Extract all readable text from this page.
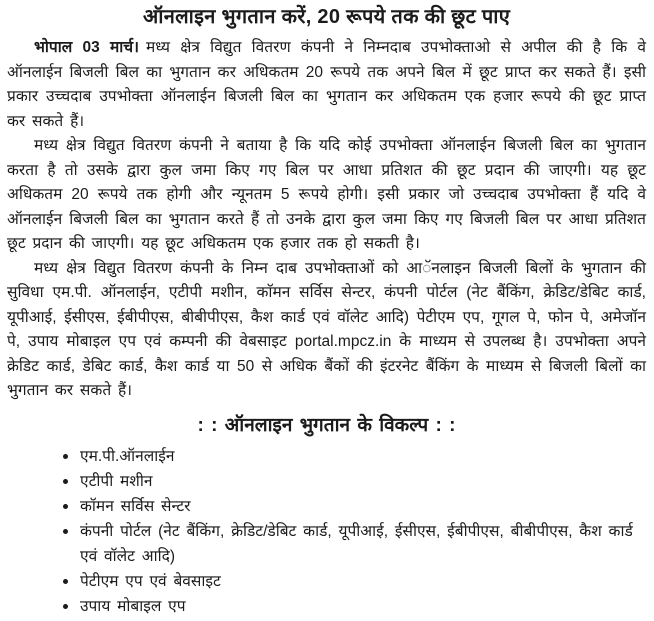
ऑनलाइन भुगतान करें, 20 रूपये तक की छूट पाए

भोपाल 03 मार्च। मध्य क्षेत्र विद्युत वितरण कंपनी ने निम्नदाब उपभोक्ताओ से अपील की है कि वे ऑनलाईन बिजली बिल का भुगतान कर अधिकतम 20 रूपये तक अपने बिल में छूट प्राप्त कर सकते हैं। इसी प्रकार उच्चदाब उपभोक्ता ऑनलाईन बिजली बिल का भुगतान कर अधिकतम एक हजार रूपये की छूट प्राप्त कर सकते हैं।

मध्य क्षेत्र विद्युत वितरण कंपनी ने बताया है कि यदि कोई उपभोक्ता ऑनलाईन बिजली बिल का भुगतान करता है तो उसके द्वारा कुल जमा किए गए बिल पर आधा प्रतिशत की छूट प्रदान की जाएगी। यह छूट अधिकतम 20 रूपये तक होगी और न्यूनतम 5 रूपये होगी। इसी प्रकार जो उच्चदाब उपभोक्ता हैं यदि वे ऑनलाईन बिजली बिल का भुगतान करते हैं तो उनके द्वारा कुल जमा किए गए बिजली बिल पर आधा प्रतिशत छूट प्रदान की जाएगी। यह छूट अधिकतम एक हजार तक हो सकती है।

मध्य क्षेत्र विद्युत वितरण कंपनी के निम्न दाब उपभोक्ताओं को आॅनलाइन बिजली बिलों के भुगतान की सुविधा एम.पी. ऑनलाईन, एटीपी मशीन, काॅमन सर्विस सेन्टर, कंपनी पोर्टल (नेट बैंकिंग, क्रेडिट/डेबिट कार्ड, यूपीआई, ईसीएस, ईबीपीएस, बीबीपीएस, कैश कार्ड एवं वॉलेट आदि) पेटीएम एप, गूगल पे, फोन पे, अमेजॉन पे, उपाय मोबाइल एप एवं कम्पनी की वेबसाइट portal.mpcz.in के माध्यम से उपलब्ध है। उपभोक्ता अपने क्रेडिट कार्ड, डेबिट कार्ड, कैश कार्ड या 50 से अधिक बैंकों की इंटरनेट बैंकिंग के माध्यम से बिजली बिलों का भुगतान कर सकते हैं।

: : ऑनलाइन भुगतान के विकल्प : :
एम.पी.ऑनलाईन
एटीपी मशीन
कॉमन सर्विस सेन्टर
कंपनी पोर्टल (नेट बैंकिंग, क्रेडिट/डेबिट कार्ड, यूपीआई, ईसीएस, ईबीपीएस, बीबीपीएस, कैश कार्ड एवं वॉलेट आदि)
पेटीएम एप एवं बेवसाइट
उपाय मोबाइल एप
